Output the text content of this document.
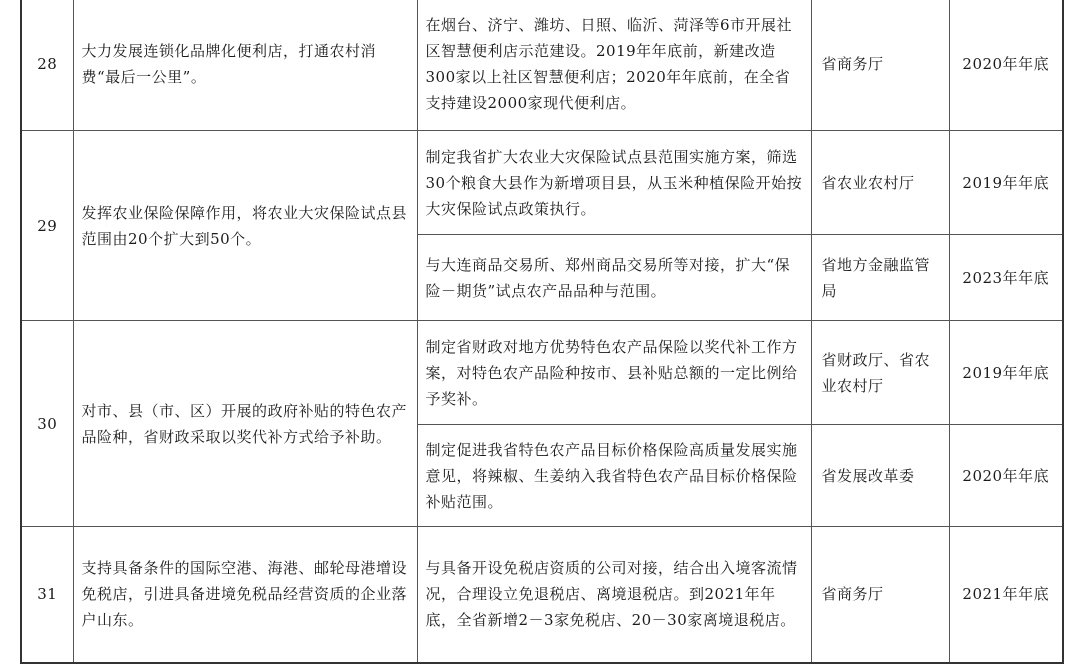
28	大力发展连锁化品牌化便利店，打通农村消费“最后一公里”。	在烟台、济宁、潍坊、日照、临沂、菏泽等6市开展社区智慧便利店示范建设。2019年年底前，新建改造300家以上社区智慧便利店；2020年年底前，在全省支持建设2000家现代便利店。	省商务厅	2020年年底
29	发挥农业保险保障作用，将农业大灾保险试点县范围由20个扩大到50个。	制定我省扩大农业大灾保险试点县范围实施方案，筛选30个粮食大县作为新增项目县，从玉米种植保险开始按大灾保险试点政策执行。	省农业农村厅	2019年年底
		与大连商品交易所、郑州商品交易所等对接，扩大“保险－期货”试点农产品品种与范围。	省地方金融监管局	2023年年底
30	对市、县（市、区）开展的政府补贴的特色农产品险种，省财政采取以奖代补方式给予补助。	制定省财政对地方优势特色农产品保险以奖代补工作方案，对特色农产品险种按市、县补贴总额的一定比例给予奖补。	省财政厅、省农业农村厅	2019年年底
		制定促进我省特色农产品目标价格保险高质量发展实施意见，将辣椒、生姜纳入我省特色农产品目标价格保险补贴范围。	省发展改革委	2020年年底
31	支持具备条件的国际空港、海港、邮轮母港增设免税店，引进具备进境免税品经营资质的企业落户山东。	与具备开设免税店资质的公司对接，结合出入境客流情况，合理设立免退税店、离境退税店。到2021年年底，全省新增2－3家免税店、20－30家离境退税店。	省商务厅	2021年年底
